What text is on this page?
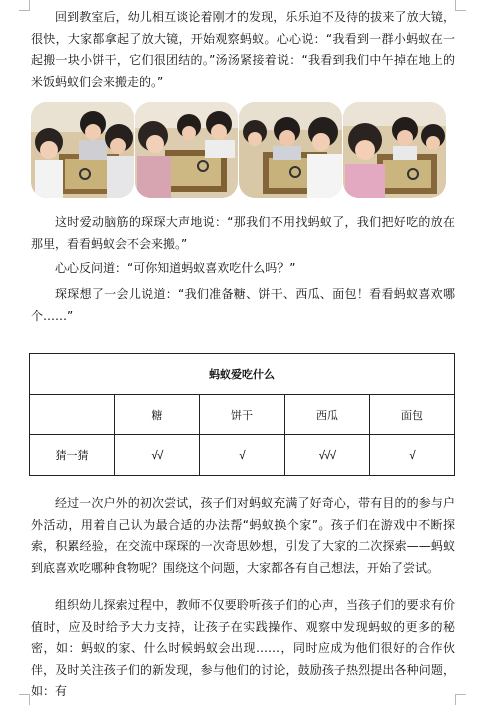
回到教室后，幼儿相互谈论着刚才的发现，乐乐迫不及待的拔来了放大镜，很快，大家都拿起了放大镜，开始观察蚂蚁。心心说：“我看到一群小蚂蚁在一起搬一块小饼干，它们很团结的。”汤汤紧接着说：“我看到我们中午掉在地上的米饭蚂蚁们会来搬走的。”

这时爱动脑筋的琛琛大声地说：“那我们不用找蚂蚁了，我们把好吃的放在那里，看看蚂蚁会不会来搬。”

心心反问道：“可你知道蚂蚁喜欢吃什么吗？”

琛琛想了一会儿说道：“我们准备糖、饼干、西瓜、面包！看看蚂蚁喜欢哪个……”

蚂蚁爱吃什么				
	糖	饼干	西瓜	面包
猜一猜	√√	√	√√√	√

经过一次户外的初次尝试，孩子们对蚂蚁充满了好奇心，带有目的的参与户外活动，用着自己认为最合适的办法帮“蚂蚁换个家”。孩子们在游戏中不断探索，积累经验，在交流中琛琛的一次奇思妙想，引发了大家的二次探索——蚂蚁到底喜欢吃哪种食物呢？围绕这个问题，大家都各有自己想法，开始了尝试。

组织幼儿探索过程中，教师不仅要聆听孩子们的心声，当孩子们的要求有价值时，应及时给予大力支持，让孩子在实践操作、观察中发现蚂蚁的更多的秘密，如：蚂蚁的家、什么时候蚂蚁会出现……，同时应成为他们很好的合作伙伴，及时关注孩子们的新发现，参与他们的讨论，鼓励孩子热烈提出各种问题，如：有
